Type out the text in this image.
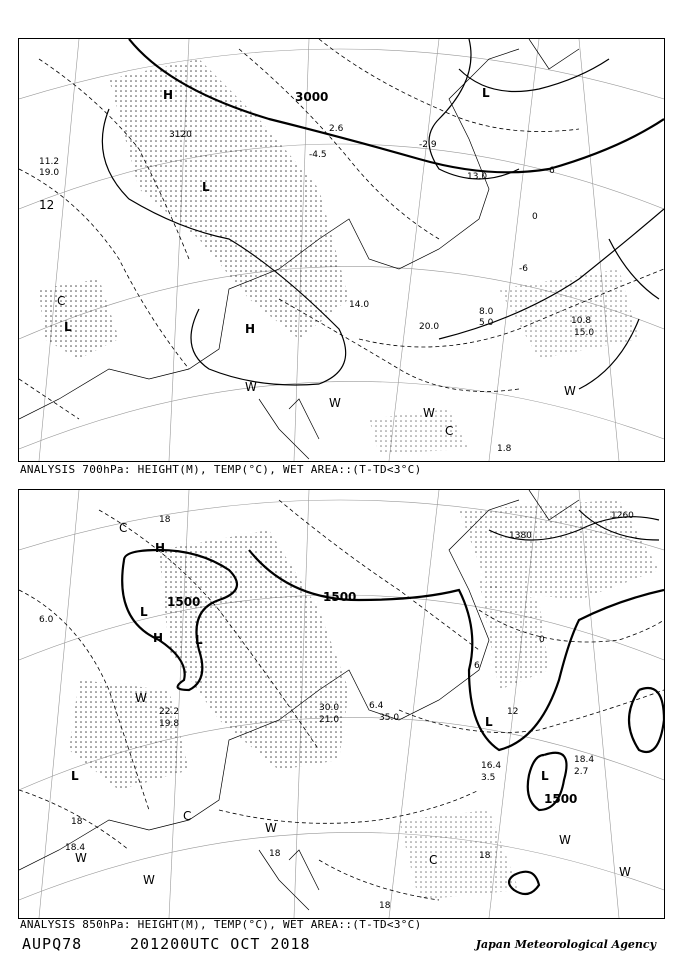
3000
3120
12
6
0
-6
H
L
H
L
L
W
W
W
W
C
C
2.6
-4.5
-2.9
13.0
14.0
20.0
8.0
5.0	10.8
15.0
11.2
19.0
1.8
ANALYSIS 700hPa: HEIGHT(M), TEMP(°C), WET AREA::(T-TD<3°C)
1500	1500
1500
1380
1260
18
12
6
0
18
18
18
18
H
L
H	L
L
L
L
W
W
W
W
W
W
C
C
C
6.4
35.0
16.4
3.5
18.4
2.7
22.2
19.8
6.0
18.4
30.0
21.0
ANALYSIS 850hPa: HEIGHT(M), TEMP(°C), WET AREA::(T-TD<3°C)
AUPQ78	201200UTC OCT 2018	Japan Meteorological Agency
